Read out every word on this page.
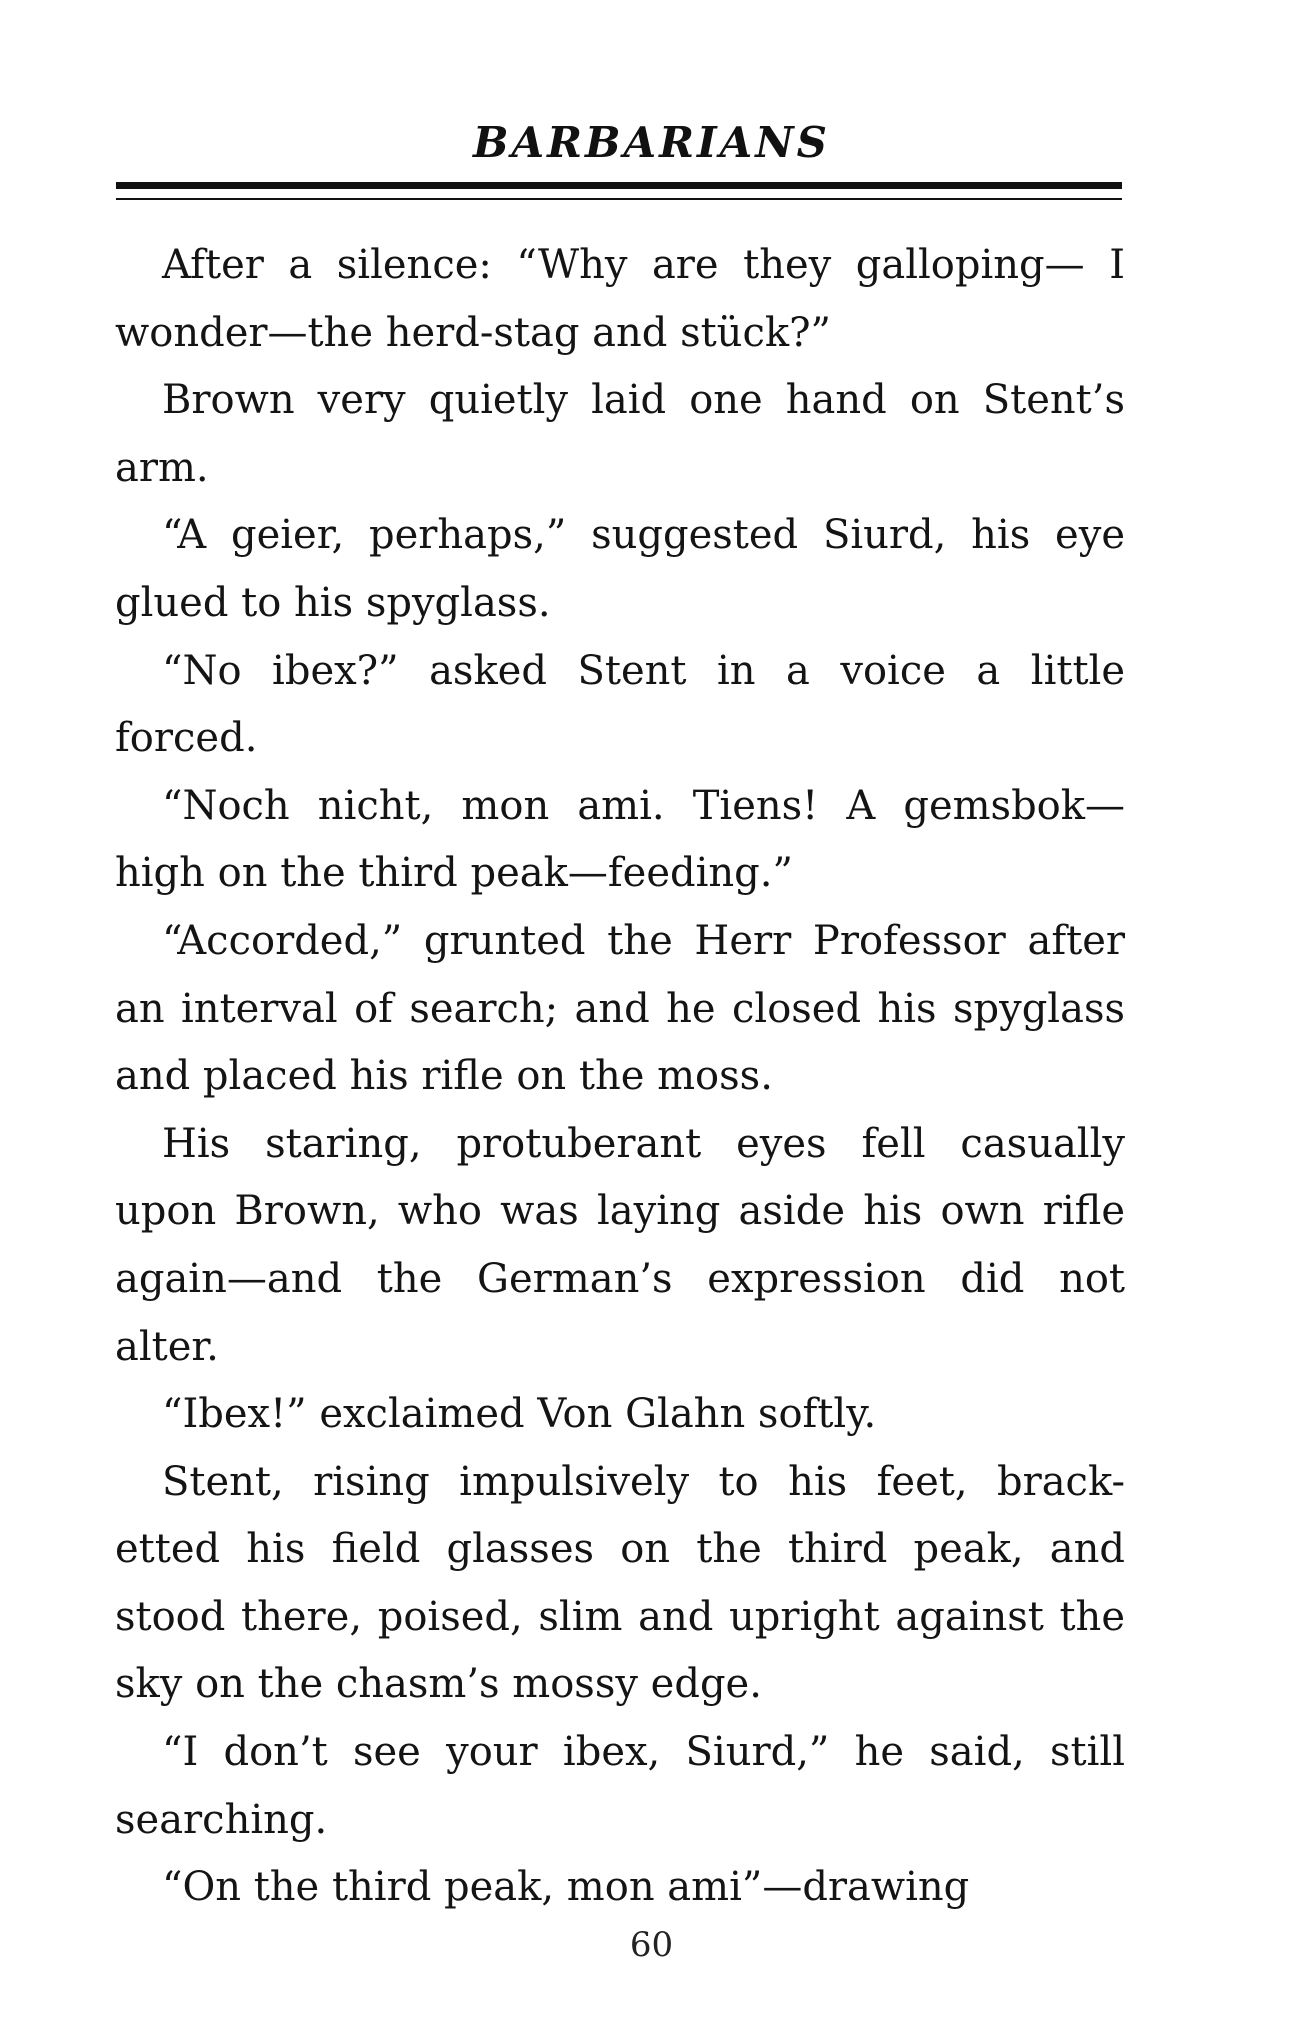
BARBARIANS

After a silence: “Why are they galloping— I wonder—the herd-stag and stück?”

Brown very quietly laid one hand on Stent’s arm.

“A geier, perhaps,” suggested Siurd, his eye glued to his spyglass.

“No ibex?” asked Stent in a voice a little forced.

“Noch nicht, mon ami. Tiens! A gemsbok— high on the third peak—feeding.”

“Accorded,” grunted the Herr Professor after an interval of search; and he closed his spyglass and placed his rifle on the moss.

His staring, protuberant eyes fell casually upon Brown, who was laying aside his own rifle again—and the German’s expression did not alter.

“Ibex!” exclaimed Von Glahn softly.

Stent, rising impulsively to his feet, brack- etted his field glasses on the third peak, and stood there, poised, slim and upright against the sky on the chasm’s mossy edge.

“I don’t see your ibex, Siurd,” he said, still searching.

“On the third peak, mon ami”—drawing

60
